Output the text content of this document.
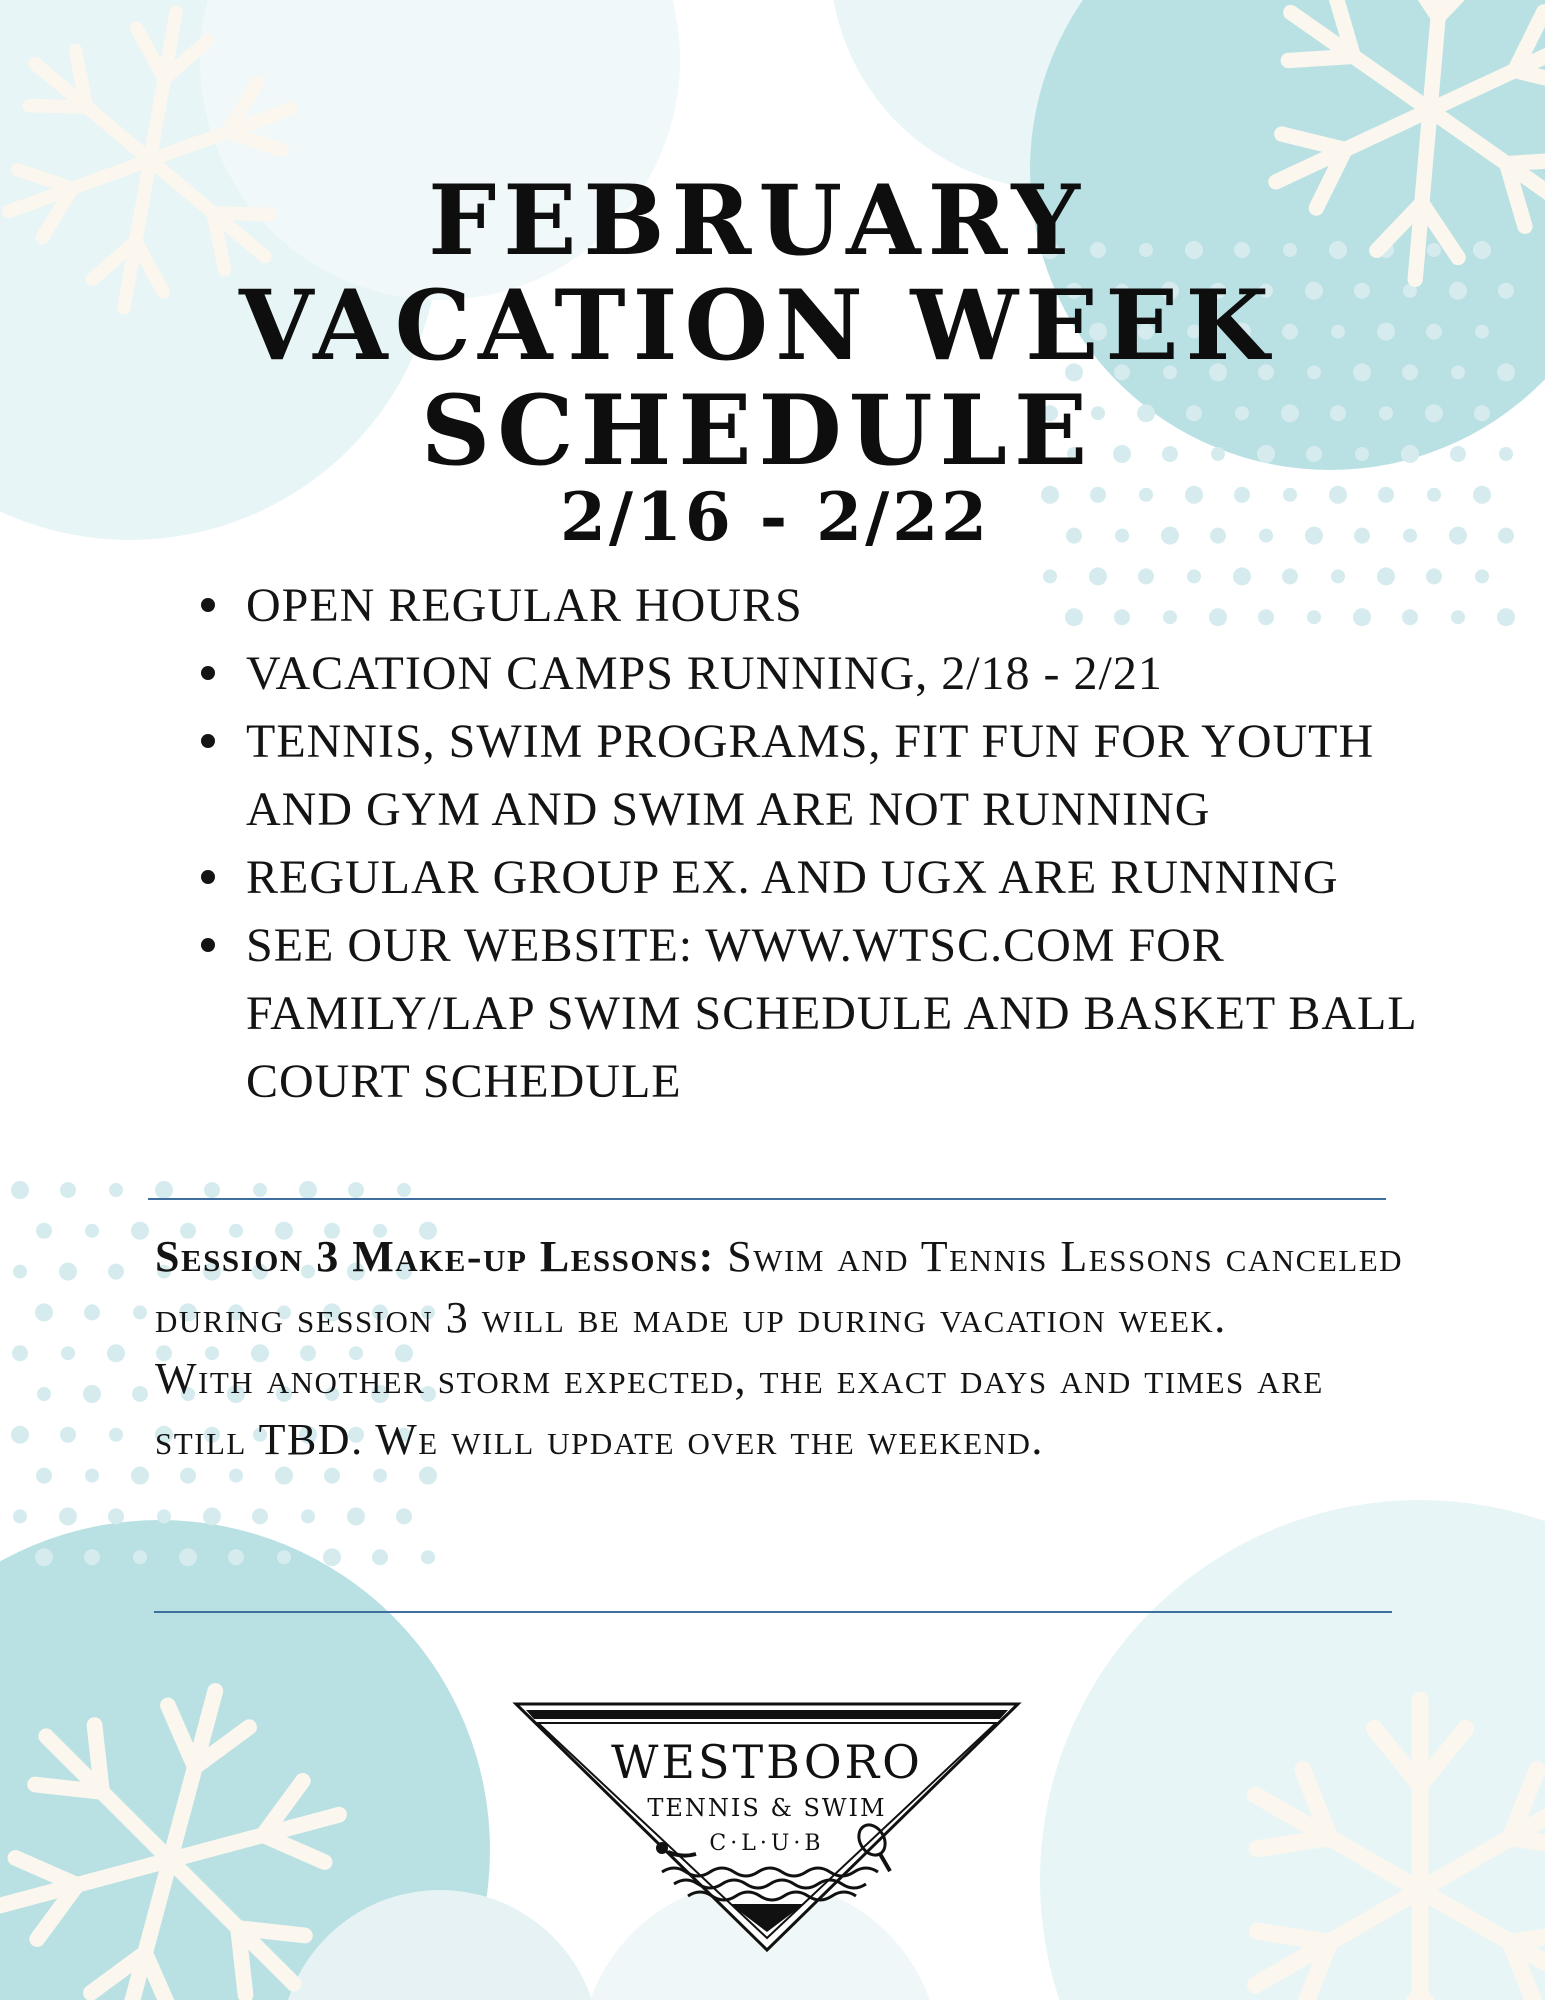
FEBRUARY
VACATION WEEK
SCHEDULE
2/16 - 2/22
OPEN REGULAR HOURS
VACATION CAMPS RUNNING, 2/18 - 2/21
TENNIS, SWIM PROGRAMS, FIT FUN FOR YOUTH AND GYM AND SWIM ARE NOT RUNNING
REGULAR GROUP EX. AND UGX ARE RUNNING
SEE OUR WEBSITE: WWW.WTSC.COM FOR FAMILY/LAP SWIM SCHEDULE AND BASKET BALL COURT SCHEDULE

Session 3 Make-up Lessons: Swim and Tennis Lessons canceled during session 3 will be made up during vacation week.

With another storm expected, the exact days and times are still TBD. We will update over the weekend.

WESTBORO
TENNIS & SWIM
C·L·U·B
